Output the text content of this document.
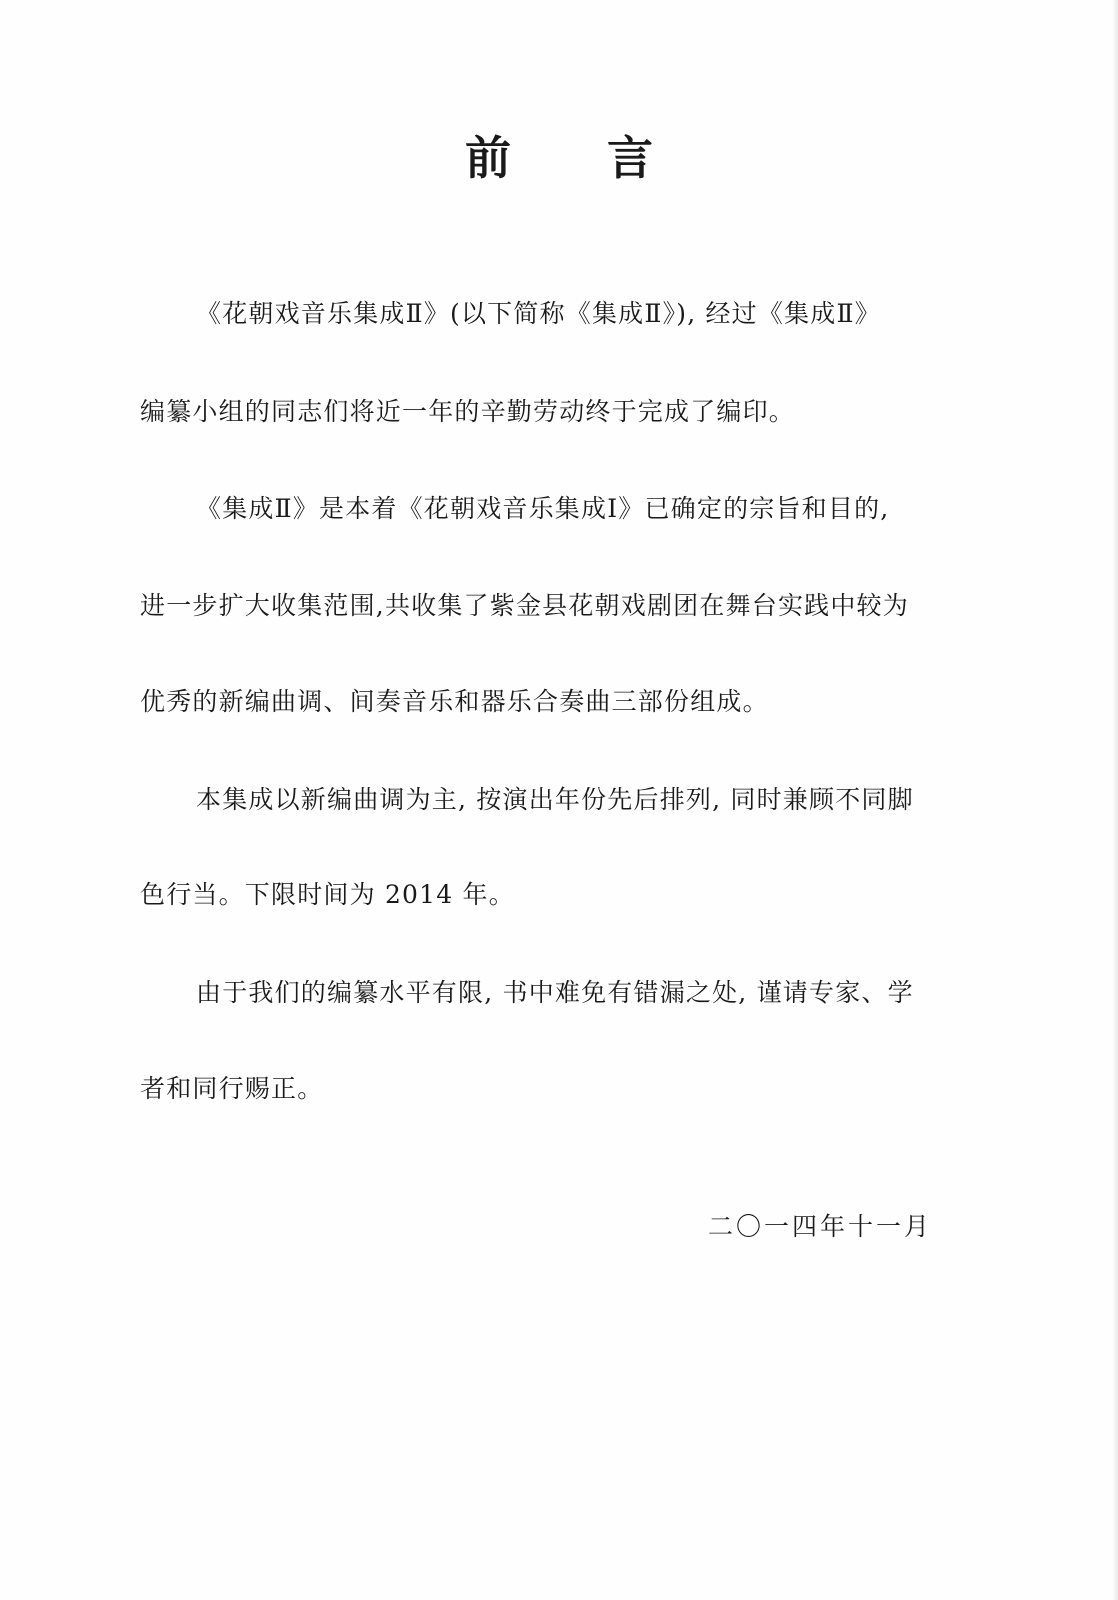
前 言
《花朝戏音乐集成Ⅱ》(以下简称《集成Ⅱ》), 经过《集成Ⅱ》
编纂小组的同志们将近一年的辛勤劳动终于完成了编印。
《集成Ⅱ》是本着《花朝戏音乐集成Ⅰ》已确定的宗旨和目的,
进一步扩大收集范围,共收集了紫金县花朝戏剧团在舞台实践中较为
优秀的新编曲调、间奏音乐和器乐合奏曲三部份组成。
本集成以新编曲调为主, 按演出年份先后排列, 同时兼顾不同脚
色行当。下限时间为 2014 年。
由于我们的编纂水平有限, 书中难免有错漏之处, 谨请专家、学
者和同行赐正。
二〇一四年十一月
